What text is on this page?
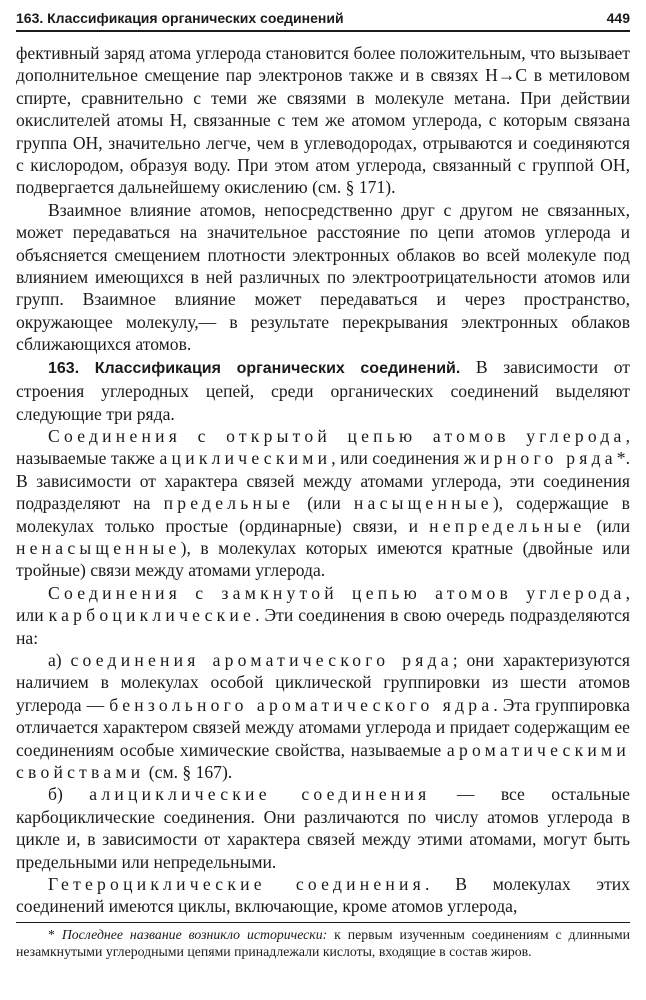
163. Классификация органических соединений	449

фективный заряд атома углерода становится более положительным, что вызывает дополнительное смещение пар электронов также и в связях H→C в метиловом спирте, сравнительно с теми же связями в молекуле метана. При действии окислителей атомы H, связанные с тем же атомом углерода, с которым связана группа OH, значительно легче, чем в углеводородах, отрываются и соединяются с кислородом, образуя воду. При этом атом углерода, связанный с группой OH, подвергается дальнейшему окислению (см. § 171).

Взаимное влияние атомов, непосредственно друг с другом не связанных, может передаваться на значительное расстояние по цепи атомов углерода и объясняется смещением плотности электронных облаков во всей молекуле под влиянием имеющихся в ней различных по электроотрицательности атомов или групп. Взаимное влияние может передаваться и через пространство, окружающее молекулу,— в результате перекрывания электронных облаков сближающихся атомов.

163. Классификация органических соединений. В зависимости от строения углеродных цепей, среди органических соединений выделяют следующие три ряда.

Соединения с открытой цепью атомов углерода, называемые также ациклическими, или соединения жирного ряда*. В зависимости от характера связей между атомами углерода, эти соединения подразделяют на предельные (или насыщенные), содержащие в молекулах только простые (ординарные) связи, и непредельные (или ненасыщенные), в молекулах которых имеются кратные (двойные или тройные) связи между атомами углерода.

Соединения с замкнутой цепью атомов углерода, или карбоциклические. Эти соединения в свою очередь подразделяются на:

а) соединения ароматического ряда; они характеризуются наличием в молекулах особой циклической группировки из шести атомов углерода — бензольного ароматического ядра. Эта группировка отличается характером связей между атомами углерода и придает содержащим ее соединениям особые химические свойства, называемые ароматическими свойствами (см. § 167).

б) алициклические соединения — все остальные карбоциклические соединения. Они различаются по числу атомов углерода в цикле и, в зависимости от характера связей между этими атомами, могут быть предельными или непредельными.

Гетероциклические соединения. В молекулах этих соединений имеются циклы, включающие, кроме атомов углерода,

* Последнее название возникло исторически: к первым изученным соединениям с длинными незамкнутыми углеродными цепями принадлежали кислоты, входящие в состав жиров.
